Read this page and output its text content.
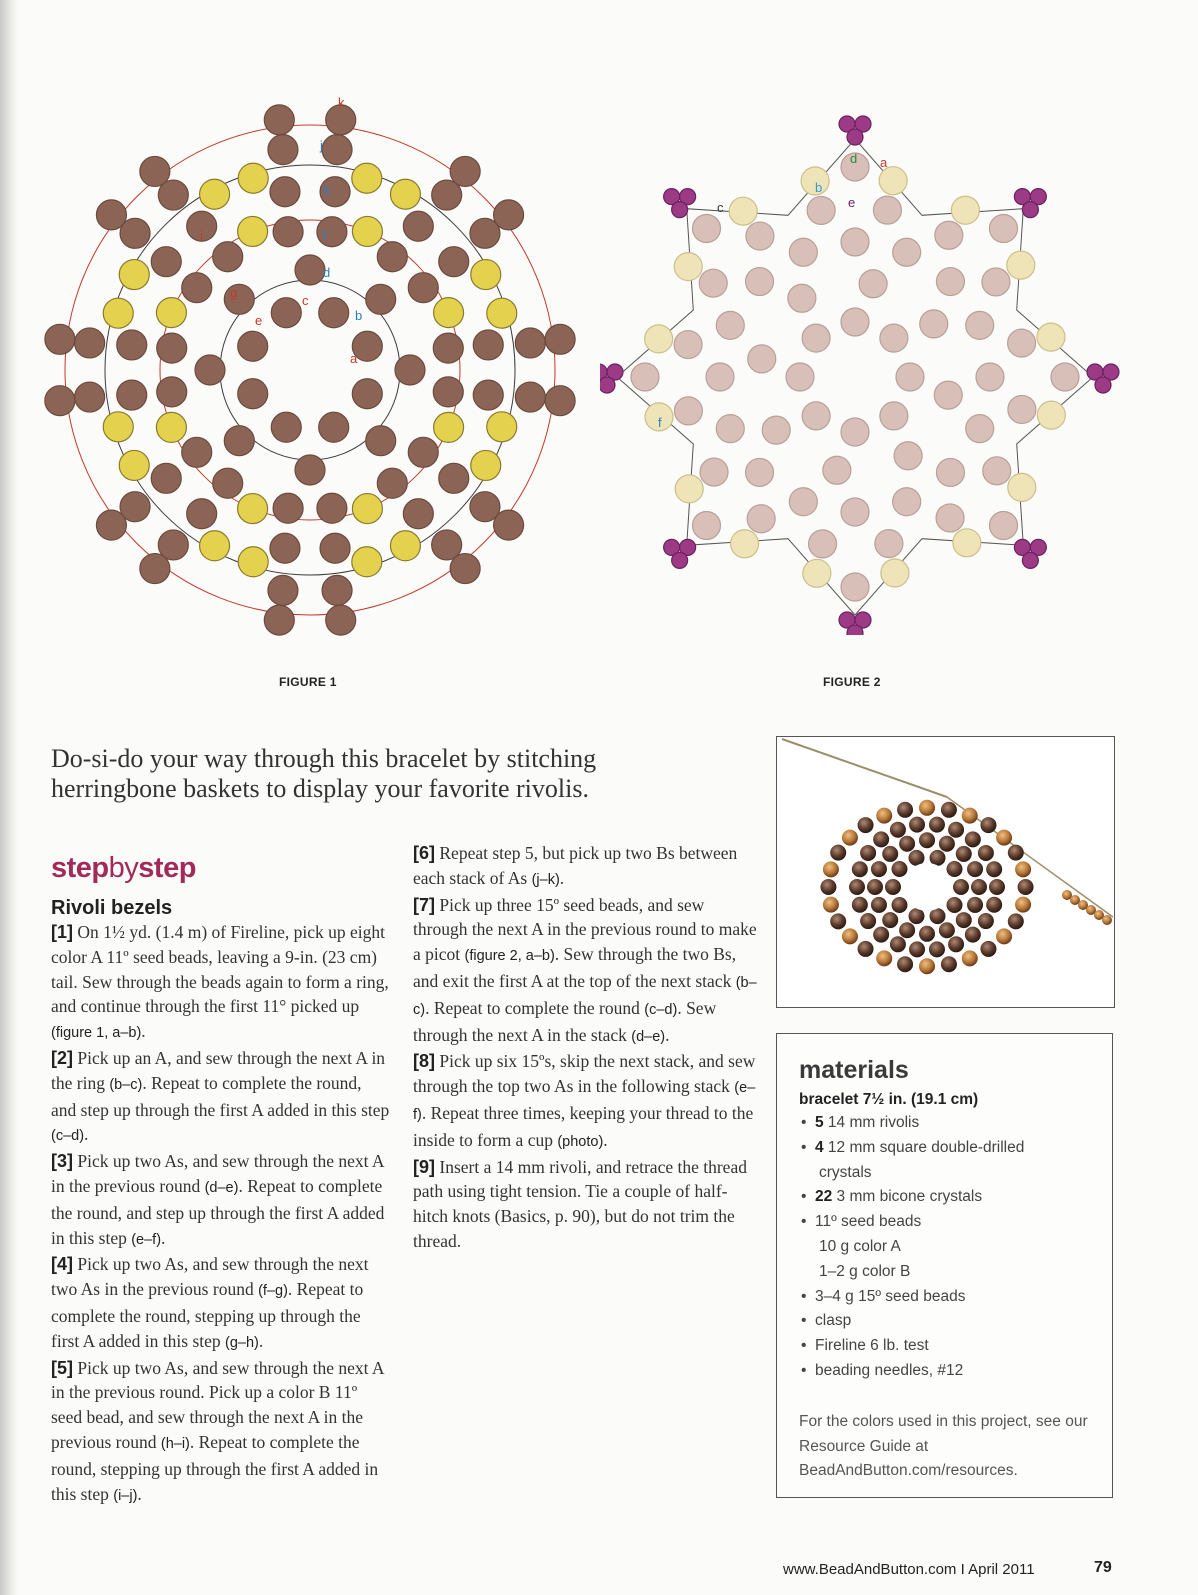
a
b
c
d
e
f
g
h
i
j
k
FIGURE 1
a
b
c
d
e
f
FIGURE 2
Do-si-do your way through this bracelet by stitching herringbone baskets to display your favorite rivolis.
stepbystep
Rivoli bezels

[1] On 1½ yd. (1.4 m) of Fireline, pick up eight color A 11º seed beads, leaving a 9-in. (23 cm) tail. Sew through the beads again to form a ring, and continue through the first 11° picked up (figure 1, a–b).

[2] Pick up an A, and sew through the next A in the ring (b–c). Repeat to complete the round, and step up through the first A added in this step (c–d).

[3] Pick up two As, and sew through the next A in the previous round (d–e). Repeat to complete the round, and step up through the first A added in this step (e–f).

[4] Pick up two As, and sew through the next two As in the previous round (f–g). Repeat to complete the round, stepping up through the first A added in this step (g–h).

[5] Pick up two As, and sew through the next A in the previous round. Pick up a color B 11º seed bead, and sew through the next A in the previous round (h–i). Repeat to complete the round, stepping up through the first A added in this step (i–j).

[6] Repeat step 5, but pick up two Bs between each stack of As (j–k).

[7] Pick up three 15º seed beads, and sew through the next A in the previous round to make a picot (figure 2, a–b). Sew through the two Bs, and exit the first A at the top of the next stack (b–c). Repeat to complete the round (c–d). Sew through the next A in the stack (d–e).

[8] Pick up six 15ºs, skip the next stack, and sew through the top two As in the following stack (e–f). Repeat three times, keeping your thread to the inside to form a cup (photo).

[9] Insert a 14 mm rivoli, and retrace the thread path using tight tension. Tie a couple of half-hitch knots (Basics, p. 90), but do not trim the thread.

materials
bracelet 7½ in. (19.1 cm)
• 5 14 mm rivolis
• 4 12 mm square double-drilled
crystals
• 22 3 mm bicone crystals
• 11º seed beads
10 g color A
1–2 g color B
• 3–4 g 15º seed beads
• clasp
• Fireline 6 lb. test
• beading needles, #12
For the colors used in this project, see our Resource Guide at BeadAndButton.com/resources.
www.BeadAndButton.com I April 2011	79
